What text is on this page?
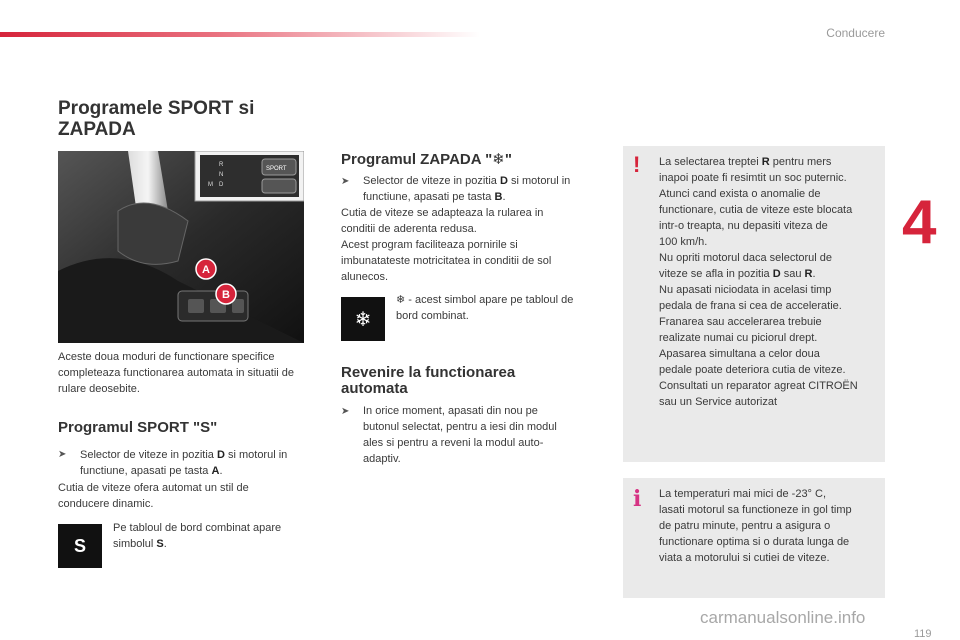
Conducere
4
Programele SPORT si ZAPADA
R
N
D
M
SPORT
A
B

Aceste doua moduri de functionare specifice completeaza functionarea automata in situatii de rulare deosebite.

Programul SPORT "S"
➤ Selector de viteze in pozitia D si motorul in
functiune, apasati pe tasta A.
Cutia de viteze ofera automat un stil de
conducere dinamic.
S
Pe tabloul de bord combinat apare
simbolul S.
Programul ZAPADA "❄"
➤ Selector de viteze in pozitia D si motorul in
functiune, apasati pe tasta B.
Cutia de viteze se adapteaza la rularea in
conditii de aderenta redusa.
Acest program faciliteaza pornirile si
imbunatateste motricitatea in conditii de sol
alunecos.
❄
❄ - acest simbol apare pe tabloul de
bord combinat.
Revenire la functionarea
automata
➤ In orice moment, apasati din nou pe
butonul selectat, pentru a iesi din modul
ales si pentru a reveni la modul auto-
adaptiv.
! La selectarea treptei R pentru mers
inapoi poate fi resimtit un soc puternic.
Atunci cand exista o anomalie de
functionare, cutia de viteze este blocata
intr-o treapta, nu depasiti viteza de
100 km/h.
Nu opriti motorul daca selectorul de
viteze se afla in pozitia D sau R.
Nu apasati niciodata in acelasi timp
pedala de frana si cea de acceleratie.
Franarea sau accelerarea trebuie
realizate numai cu piciorul drept.
Apasarea simultana a celor doua
pedale poate deteriora cutia de viteze.
Consultati un reparator agreat CITROËN
sau un Service autorizat
i La temperaturi mai mici de -23° C,
lasati motorul sa functioneze in gol timp
de patru minute, pentru a asigura o
functionare optima si o durata lunga de
viata a motorului si cutiei de viteze.
carmanualsonline.info
119
